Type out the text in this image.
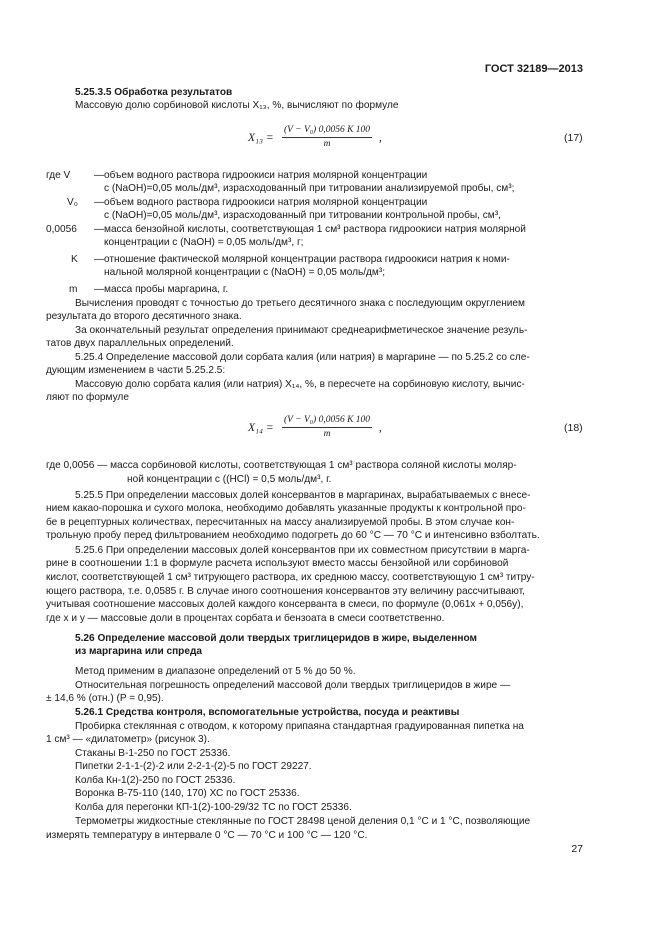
ГОСТ 32189—2013
5.25.3.5 Обработка результатов
Массовую долю сорбиновой кислоты X₁₃, %, вычисляют по формуле
$X_{13} = \frac{\text{(V − V₀) 0,0056 K 100}}{m}$ ,	(17)
где V — объем водного раствора гидроокиси натрия молярной концентрации
с (NaOH)=0,05 моль/дм³, израсходованный при титровании анализируемой пробы, см³;
V₀ — объем водного раствора гидроокиси натрия молярной концентрации
с (NaOH)=0,05 моль/дм³, израсходованный при титровании контрольной пробы, см³,
0,0056 — масса бензойной кислоты, соответствующая 1 см³ раствора гидроокиси натрия молярной
концентрации с (NaOH) = 0,05 моль/дм³, г;
K — отношение фактической молярной концентрации раствора гидроокиси натрия к номи-
нальной молярной концентрации с (NaOH) = 0,05 моль/дм³;
m — масса пробы маргарина, г.
Вычисления проводят с точностью до третьего десятичного знака с последующим округлением
результата до второго десятичного знака.
За окончательный результат определения принимают среднеарифметическое значение резуль-
татов двух параллельных определений.
5.25.4 Определение массовой доли сорбата калия (или натрия) в маргарине — по 5.25.2 со сле-
дующим изменением в части 5.25.2.5:
Массовую долю сорбата калия (или натрия) X₁₄, %, в пересчете на сорбиновую кислоту, вычис-
ляют по формуле
$X_{14} = \frac{\text{(V − V₀) 0,0056 K 100}}{m}$ ,	(18)
где 0,0056 — масса сорбиновой кислоты, соответствующая 1 см³ раствора соляной кислоты моляр-
ной концентрации с ((HCl) = 0,5 моль/дм³, г.
5.25.5 При определении массовых долей консервантов в маргаринах, вырабатываемых с внесе-
нием какао-порошка и сухого молока, необходимо добавлять указанные продукты к контрольной про-
бе в рецептурных количествах, пересчитанных на массу анализируемой пробы. В этом случае кон-
трольную пробу перед фильтрованием необходимо подогреть до 60 °С — 70 °С и интенсивно взболтать.
5.25.6 При определении массовых долей консервантов при их совместном присутствии в марга-
рине в соотношении 1:1 в формуле расчета используют вместо массы бензойной или сорбиновой
кислот, соответствующей 1 см³ титрующего раствора, их среднюю массу, соответствующую 1 см³ титру-
ющего раствора, т.е. 0,0585 г. В случае иного соотношения консервантов эту величину рассчитывают,
учитывая соотношение массовых долей каждого консерванта в смеси, по формуле (0,061x + 0,056y),
где x и y — массовые доли в процентах сорбата и бензоата в смеси соответственно.
5.26 Определение массовой доли твердых триглицеридов в жире, выделенном
из маргарина или спреда
Метод применим в диапазоне определений от 5 % до 50 %.
Относительная погрешность определений массовой доли твердых триглицеридов в жире —
± 14,6 % (отн.) (P = 0,95).
5.26.1 Средства контроля, вспомогательные устройства, посуда и реактивы
Пробирка стеклянная с отводом, к которому припаяна стандартная градуированная пипетка на
1 см³ — «дилатометр» (рисунок 3).
Стаканы В-1-250 по ГОСТ 25336.
Пипетки 2-1-1-(2)-2 или 2-2-1-(2)-5 по ГОСТ 29227.
Колба Кн-1(2)-250 по ГОСТ 25336.
Воронка В-75-110 (140, 170) ХС по ГОСТ 25336.
Колба для перегонки КП-1(2)-100-29/32 ТС по ГОСТ 25336.
Термометры жидкостные стеклянные по ГОСТ 28498 ценой деления 0,1 °С и 1 °С, позволяющие
измерять температуру в интервале 0 °С — 70 °С и 100 °С — 120 °С.
27
